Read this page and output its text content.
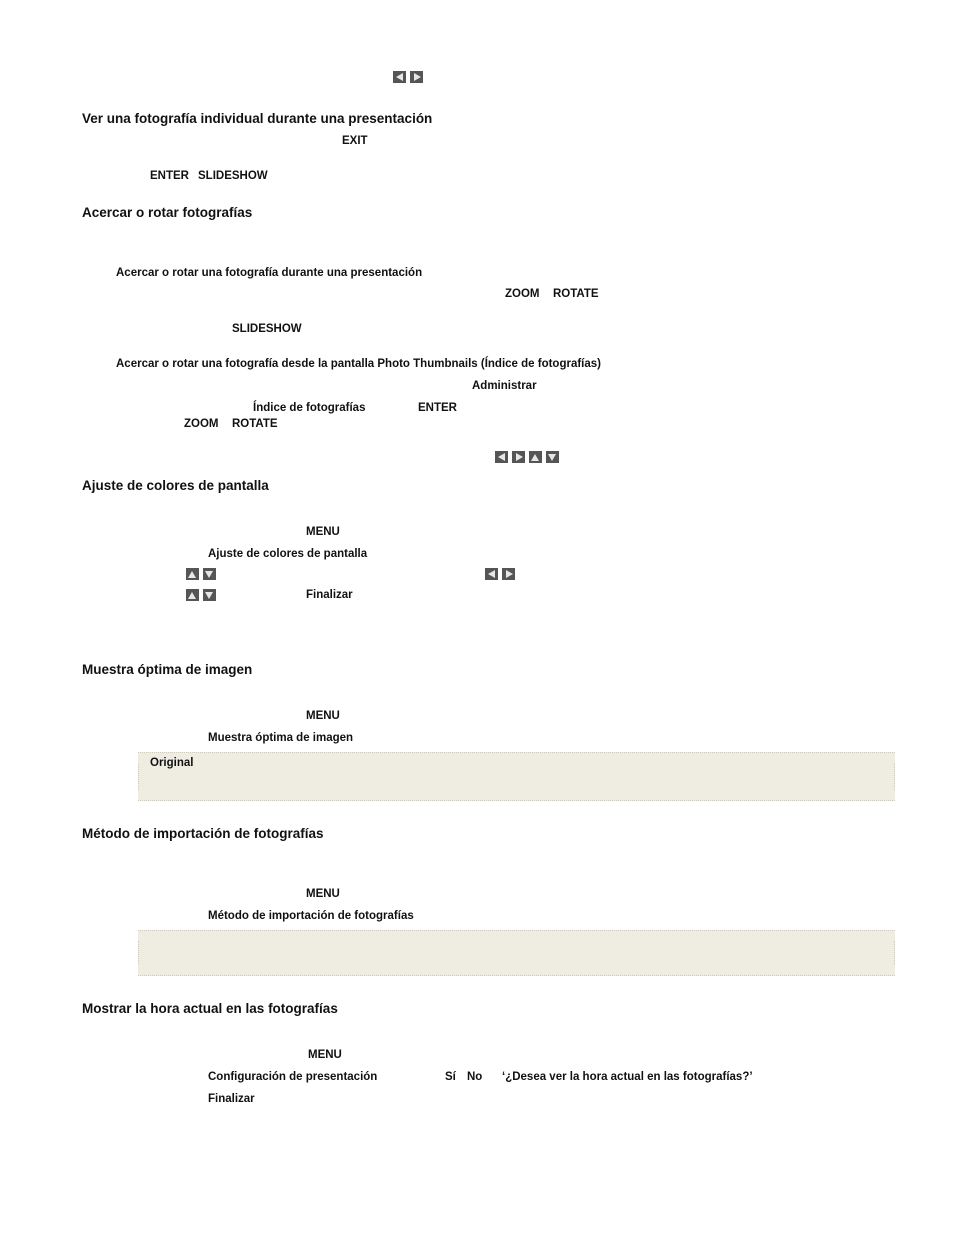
Ver una fotografía individual durante una presentación
EXIT
ENTER SLIDESHOW
Acercar o rotar fotografías
Acercar o rotar una fotografía durante una presentación
ZOOM ROTATE
SLIDESHOW
Acercar o rotar una fotografía desde la pantalla Photo Thumbnails (Índice de fotografías)
Administrar
Índice de fotografías	ENTER
ZOOM ROTATE
Ajuste de colores de pantalla
MENU
Ajuste de colores de pantalla
Finalizar
Muestra óptima de imagen
MENU
Muestra óptima de imagen
Original
Método de importación de fotografías
MENU
Método de importación de fotografías
Mostrar la hora actual en las fotografías
MENU
Configuración de presentación	Sí No ‘¿Desea ver la hora actual en las fotografías?’
Finalizar
